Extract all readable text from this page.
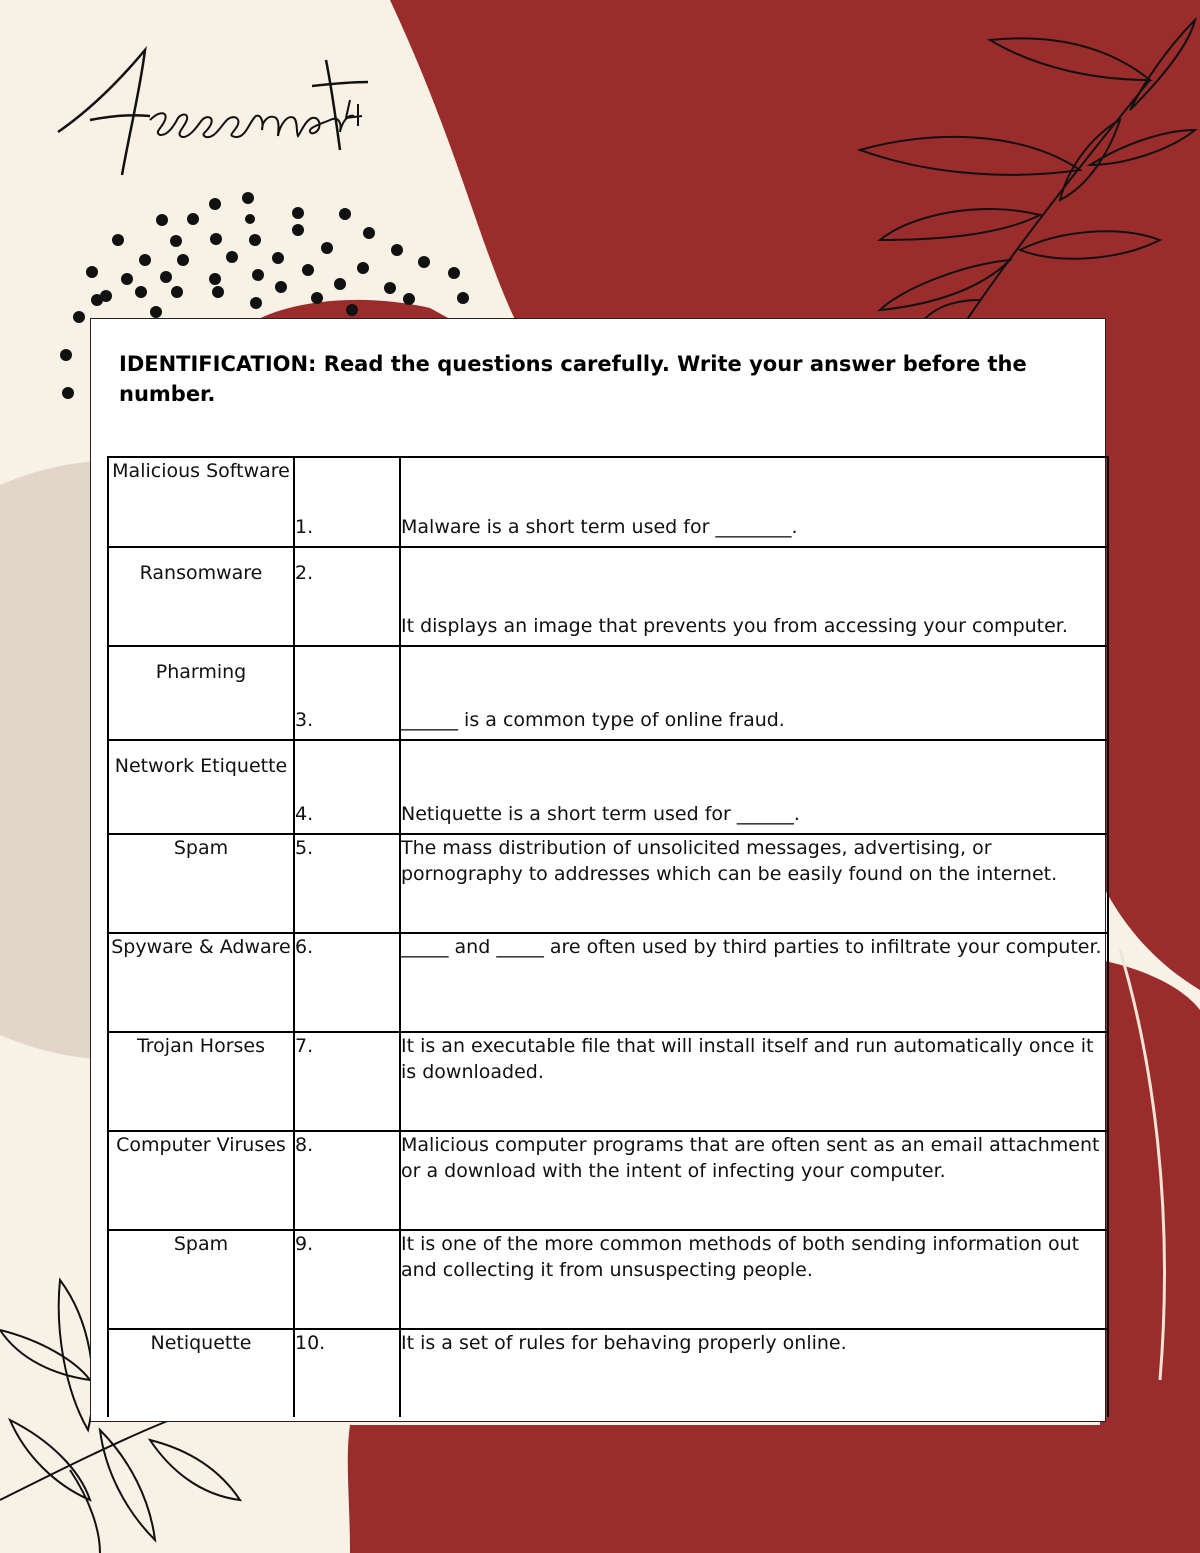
IDENTIFICATION: Read the questions carefully. Write your answer before the number.

Malicious Software	1.	Malware is a short term used for ________.
Ransomware	2.	It displays an image that prevents you from accessing your computer.
Pharming	3.	______ is a common type of online fraud.
Network Etiquette	4.	Netiquette is a short term used for ______.
Spam	5.	The mass distribution of unsolicited messages, advertising, or pornography to addresses which can be easily found on the internet.
Spyware & Adware	6.	_____ and _____ are often used by third parties to infiltrate your computer.
Trojan Horses	7.	It is an executable file that will install itself and run automatically once it is downloaded.
Computer Viruses	8.	Malicious computer programs that are often sent as an email attachment or a download with the intent of infecting your computer.
Spam	9.	It is one of the more common methods of both sending information out and collecting it from unsuspecting people.
Netiquette	10.	It is a set of rules for behaving properly online.
